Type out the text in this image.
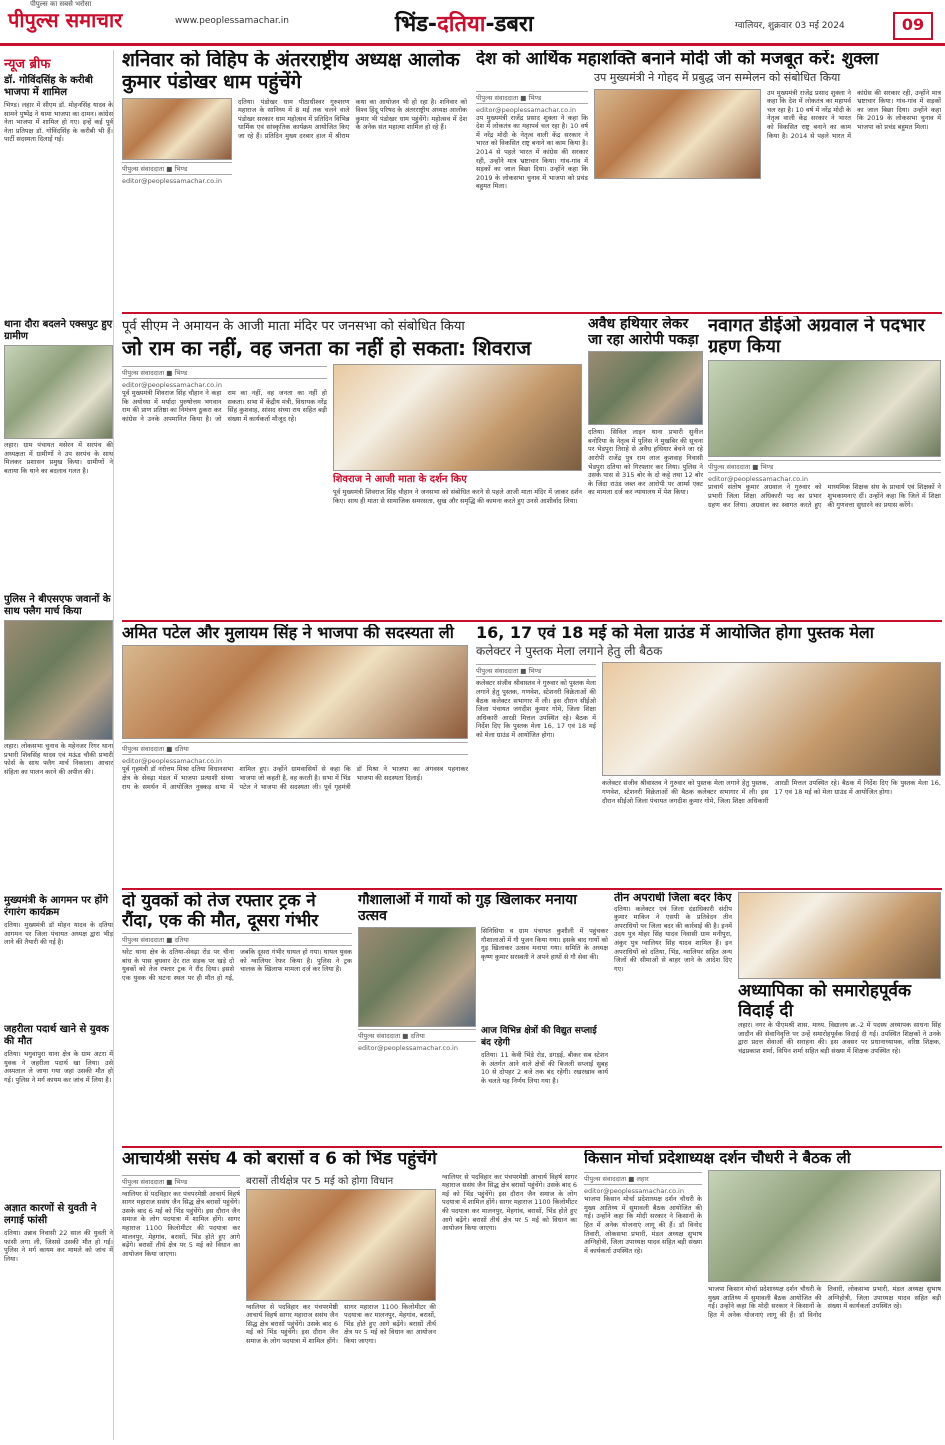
पीपुल्स का सबसे भरोसा
पीपुल्स समाचार	www.peoplessamachar.in	भिंड-दतिया-डबरा	ग्वालियर, शुक्रवार 03 मई 2024	09
न्यूज ब्रीफ
डॉ. गोविंदसिंह के करीबी भाजपा में शामिल
भिण्ड। लहार में सीएम डॉ. मोहनसिंह यादव के सामने पुष्पेंद्र ने थामा भाजपा का दामन। कांग्रेस नेता भाजपा में शामिल हो गए। इन्हें कई पूर्व नेता प्रतिपक्ष डॉ. गोविंदसिंह के करीबी भी हैं। पार्टी सदस्यता दिलाई गई।
थाना दौरा बदलने एक्सपुट हुए ग्रामीण
लहार। ग्राम पंचायत मसेरन में सरपंच की अध्यक्षता में ग्रामीणों ने उप सरपंच के साथ मिलकर प्रशासन प्रमुख किया। ग्रामीणों ने बताया कि थाने का बदलाव गलत है।
पुलिस ने बीएसएफ जवानों के साथ फ्लैग मार्च किया
लहार। लोकसभा चुनाव के महेनजर रिगर थाना प्रभारी शिवसिंह यादव एवं मऊंड चौकी प्रभारी फोर्स के साथ फ्लैग मार्च निकाला। आचार संहिता का पालन करने की अपील की।
मुख्यमंत्री के आगमन पर होंगे रंगारंग कार्यक्रम
दतिया। मुख्यमंत्री डॉ मोहन यादव के दतिया आगमन पर जिला पंचायत अध्यक्ष द्वारा भीड़ लाने की तैयारी की गई है।
जहरीला पदार्थ खाने से युवक की मौत
दतिया। भगुवापुरा थाना क्षेत्र के ग्राम अटरा में युवक ने जहरीला पदार्थ खा लिया। उसे अस्पताल ले जाया गया जहां उसकी मौत हो गई। पुलिस ने मर्ग कायम कर जांच में लिया है।
अज्ञात कारणों से युवती ने लगाई फांसी
दतिया। उन्नाव निवासी 22 साल की युवती ने फांसी लगा ली, जिससे उसकी मौत हो गई। पुलिस ने मर्ग कायम कर मामले को जांच में लिया।
शनिवार को विहिप के अंतरराष्ट्रीय अध्यक्ष आलोक कुमार पंडोखर धाम पहुंचेंगे
पीपुल्स संवाददाता ■ भिण्ड
editor@peoplessamachar.co.in
दतिया। पंडोखर धाम पीठाधीश्वर गुरुशरण महाराज के सानिध्य में 8 मई तक चलने वाले पंडोखर सरकार धाम महोत्सव में प्रतिदिन विभिन्न धार्मिक एवं सांस्कृतिक कार्यक्रम आयोजित किए जा रहे हैं। प्रतिदिन मुख्य दरबार हाल में श्रीराम कथा का आयोजन भी हो रहा है। शनिवार को विश्व हिंदू परिषद के अंतरराष्ट्रीय अध्यक्ष आलोक कुमार भी पंडोखर धाम पहुंचेंगे। महोत्सव में देश के अनेक संत महात्मा शामिल हो रहे हैं।
देश को आर्थिक महाशक्ति बनाने मोदी जी को मजबूत करें: शुक्ला
उप मुख्यमंत्री ने गोहद में प्रबुद्ध जन सम्मेलन को संबोधित किया
पीपुल्स संवाददाता ■ भिण्ड
editor@peoplessamachar.co.in
उप मुख्यमंत्री राजेंद्र प्रसाद शुक्ला ने कहा कि देश में लोकतंत्र का महापर्व चल रहा है। 10 वर्ष में नरेंद्र मोदी के नेतृत्व वाली केंद्र सरकार ने भारत को विकसित राष्ट्र बनाने का काम किया है। 2014 से पहले भारत में कांग्रेस की सरकार रही, उन्होंने मात्र भ्रष्टाचार किया। गांव-गांव में सड़कों का जाल बिछा दिया। उन्होंने कहा कि 2019 के लोकसभा चुनाव में भाजपा को प्रचंड बहुमत मिला।
उप मुख्यमंत्री राजेंद्र प्रसाद शुक्ला ने कहा कि देश में लोकतंत्र का महापर्व चल रहा है। 10 वर्ष में नरेंद्र मोदी के नेतृत्व वाली केंद्र सरकार ने भारत को विकसित राष्ट्र बनाने का काम किया है। 2014 से पहले भारत में कांग्रेस की सरकार रही, उन्होंने मात्र भ्रष्टाचार किया। गांव-गांव में सड़कों का जाल बिछा दिया। उन्होंने कहा कि 2019 के लोकसभा चुनाव में भाजपा को प्रचंड बहुमत मिला।
पूर्व सीएम ने अमायन के आजी माता मंदिर पर जनसभा को संबोधित किया
जो राम का नहीं, वह जनता का नहीं हो सकता: शिवराज
पीपुल्स संवाददाता ■ भिण्ड
editor@peoplessamachar.co.in
पूर्व मुख्यमंत्री शिवराज सिंह चौहान ने कहा कि अयोध्या में मर्यादा पुरुषोत्तम भगवान राम की प्राण प्रतिष्ठा का निमंत्रण ठुकरा कर कांग्रेस ने उनके अपमानित किया है। जो राम का नहीं, वह जनता का नहीं हो सकता। सभा में केंद्रीय मंत्री, विधायक नरेंद्र सिंह कुशवाह, सांसद संध्या राय सहित बड़ी संख्या में कार्यकर्ता मौजूद रहे।
शिवराज ने आजी माता के दर्शन किए
पूर्व मुख्यमंत्री शिवराज सिंह चौहान ने जनसभा को संबोधित करने से पहले आजी माता मंदिर में जाकर दर्शन किए। साथ ही माता से सामाजिक समरसता, सुख और समृद्धि की कामना करते हुए उनसे आशीर्वाद लिया।
अवैध हथियार लेकर जा रहा आरोपी पकड़ा
दतिया। सिविल लाइन थाना प्रभारी सुनील बनोरिया के नेतृत्व में पुलिस ने मुखबिर की सूचना पर भेडपुरा तिराहे से अवैध हथियार बेचने जा रहे आरोपी राजेंद्र पुत्र राम लाल कुशवाह निवासी भेडपुरा दतिया को गिरफ्तार कर लिया। पुलिस ने उसके पास से 315 बोर के दो कट्टे तथा 12 बोर के जिंदा राउंड जब्त कर आरोपी पर आर्म्स एक्ट का मामला दर्ज कर न्यायालय में पेश किया।
नवागत डीईओ अग्रवाल ने पदभार ग्रहण किया
पीपुल्स संवाददाता ■ भिण्ड
editor@peoplessamachar.co.in
प्राचार्य संतोष कुमार अग्रवाल ने गुरुवार को प्रभारी जिला शिक्षा अधिकारी पद का प्रभार ग्रहण कर लिया। अग्रवाल का स्वागत करते हुए माध्यमिक शिक्षक संघ के प्राचार्य एवं शिक्षकों ने शुभकामनाएं दीं। उन्होंने कहा कि जिले में शिक्षा की गुणवत्ता सुधारने का प्रयास करेंगे।
अमित पटेल और मुलायम सिंह ने भाजपा की सदस्यता ली
पीपुल्स संवाददाता ■ दतिया
editor@peoplessamachar.co.in
पूर्व गृहमंत्री डॉ नरोत्तम मिश्रा दतिया विधानसभा क्षेत्र के सेवढ़ा मंडल में भाजपा प्रत्याशी संध्या राय के समर्थन में आयोजित नुक्कड़ सभा में शामिल हुए। उन्होंने ग्रामवासियों से कहा कि भाजपा जो कहती है, वह करती है। सभा में भिंड पटेल ने भाजपा की सदस्यता ली। पूर्व गृहमंत्री डॉ मिश्रा ने भाजपा का अंगवस्त्र पहनाकर भाजपा की सदस्यता दिलाई।
16, 17 एवं 18 मई को मेला ग्राउंड में आयोजित होगा पुस्तक मेला
कलेक्टर ने पुस्तक मेला लगाने हेतु ली बैठक
पीपुल्स संवाददाता ■ भिण्ड
कलेक्टर संजीव श्रीवास्तव ने गुरुवार को पुस्तक मेला लगाने हेतु पुस्तक, गणवेश, स्टेशनरी विक्रेताओं की बैठक कलेक्टर सभागार में ली। इस दौरान सीईओ जिला पंचायत जगदीश कुमार गोमे, जिला शिक्षा अधिकारी आरडी मित्तल उपस्थित रहे। बैठक में निर्देश दिए कि पुस्तक मेला 16, 17 एवं 18 मई को मेला ग्राउंड में आयोजित होगा।
कलेक्टर संजीव श्रीवास्तव ने गुरुवार को पुस्तक मेला लगाने हेतु पुस्तक, गणवेश, स्टेशनरी विक्रेताओं की बैठक कलेक्टर सभागार में ली। इस दौरान सीईओ जिला पंचायत जगदीश कुमार गोमे, जिला शिक्षा अधिकारी आरडी मित्तल उपस्थित रहे। बैठक में निर्देश दिए कि पुस्तक मेला 16, 17 एवं 18 मई को मेला ग्राउंड में आयोजित होगा।
दो युवकों को तेज रफ्तार ट्रक ने रौंदा, एक की मौत, दूसरा गंभीर
पीपुल्स संवाददाता ■ दतिया
थरेट थाना क्षेत्र के दतिया-सेवढ़ा रोड पर चीना बांध के पास बुधवार देर रात सड़क पर खड़े दो युवकों को तेज रफ्तार ट्रक ने रौंद दिया। इससे एक युवक की घटना स्थल पर ही मौत हो गई, जबकि दूसरा गंभीर घायल हो गया। घायल युवक को ग्वालियर रेफर किया है। पुलिस ने ट्रक चालक के खिलाफ मामला दर्ज कर लिया है।
गौशालाओं में गायों को गुड़ खिलाकर मनाया उत्सव
पीपुल्स संवाददाता ■ दतिया
editor@peoplessamachar.co.in
सिनिसिया व ग्राम पंचायत कुशौली में पहुंचकर गौशालाओं में गौ पूजन किया गया। इसके बाद गायों को गुड़ खिलाकर उत्सव मनाया गया। समिति के अध्यक्ष कृष्ण कुमार सरस्वती ने अपने हाथों से गौ सेवा की।
आज विभिन्न क्षेत्रों की विद्युत सप्लाई बंद रहेगी
दतिया। 11 केवी भिंडे रोड, डगड़ई, बीकर सब स्टेशन के अंतर्गत आने वाले क्षेत्रों की बिजली सप्लाई सुबह 10 से दोपहर 2 बजे तक बंद रहेगी। रखरखाव कार्य के चलते यह निर्णय लिया गया है।
तीन अपराधी जिला बदर किए
दतिया। कलेक्टर एवं जिला दंडाधिकारी संदीप कुमार माकिन ने एसपी के प्रतिवेदन तीन अपराधियों पर जिला बदर की कार्रवाई की है। इनमें उदय पुत्र मोहर सिंह यादव निवासी ग्राम मनीपुरा, अंकुर पुत्र ग्वालियर सिंह यादव शामिल हैं। इन अपराधियों को दतिया, भिंड, ग्वालियर सहित अन्य जिलों की सीमाओं से बाहर जाने के आदेश दिए गए।
अध्यापिका को समारोहपूर्वक विदाई दी
लहार। नगर के पीएमश्री शास. माध्य. विद्यालय क्र.-2 में पदस्थ अध्यापक साधना सिंह जादौन की सेवानिवृत्ति पर उन्हें समारोहपूर्वक विदाई दी गई। उपस्थित शिक्षकों ने उनके द्वारा प्रदत्त सेवाओं की सराहना की। इस अवसर पर प्रधानाध्यापक, वरिष्ठ शिक्षक, चंद्रप्रकाश शर्मा, विपिन शर्मा सहित बड़ी संख्या में शिक्षक उपस्थित रहे।
आचार्यश्री ससंघ 4 को बरासों व 6 को भिंड पहुंचेंगे
पीपुल्स संवाददाता ■ भिण्ड
ग्वालियर से पदविहार कर पंचपरमेष्ठी आचार्य विहर्ष सागर महाराज ससंघ जैन सिद्ध क्षेत्र बरासों पहुंचेंगे। उसके बाद 6 मई को भिंड पहुंचेंगे। इस दौरान जैन समाज के लोग पदयात्रा में शामिल होंगे। सागर महाराज 1100 किलोमीटर की पदयात्रा कर मालनपुर, मेहगांव, बरासों, भिंड होते हुए आगे बढ़ेंगे। बरासों तीर्थ क्षेत्र पर 5 मई को विधान का आयोजन किया जाएगा।
बरासों तीर्थक्षेत्र पर 5 मई को होगा विधान
ग्वालियर से पदविहार कर पंचपरमेष्ठी आचार्य विहर्ष सागर महाराज ससंघ जैन सिद्ध क्षेत्र बरासों पहुंचेंगे। उसके बाद 6 मई को भिंड पहुंचेंगे। इस दौरान जैन समाज के लोग पदयात्रा में शामिल होंगे। सागर महाराज 1100 किलोमीटर की पदयात्रा कर मालनपुर, मेहगांव, बरासों, भिंड होते हुए आगे बढ़ेंगे। बरासों तीर्थ क्षेत्र पर 5 मई को विधान का आयोजन किया जाएगा।
ग्वालियर से पदविहार कर पंचपरमेष्ठी आचार्य विहर्ष सागर महाराज ससंघ जैन सिद्ध क्षेत्र बरासों पहुंचेंगे। उसके बाद 6 मई को भिंड पहुंचेंगे। इस दौरान जैन समाज के लोग पदयात्रा में शामिल होंगे। सागर महाराज 1100 किलोमीटर की पदयात्रा कर मालनपुर, मेहगांव, बरासों, भिंड होते हुए आगे बढ़ेंगे। बरासों तीर्थ क्षेत्र पर 5 मई को विधान का आयोजन किया जाएगा।
किसान मोर्चा प्रदेशाध्यक्ष दर्शन चौधरी ने बैठक ली
पीपुल्स संवाददाता ■ लहार
editor@peoplessamachar.co.in
भाजपा किसान मोर्चा प्रदेशाध्यक्ष दर्शन चौधरी के मुख्य आतिथ्य में सुमावली बैठक आयोजित की गई। उन्होंने कहा कि मोदी सरकार ने किसानों के हित में अनेक योजनाएं लागू की हैं। डॉ विनोद तिवारी, लोकसभा प्रभारी, मंडल अध्यक्ष सुभाष अग्निहोत्री, जिला उपाध्यक्ष यादव सहित बड़ी संख्या में कार्यकर्ता उपस्थित रहे।
भाजपा किसान मोर्चा प्रदेशाध्यक्ष दर्शन चौधरी के मुख्य आतिथ्य में सुमावली बैठक आयोजित की गई। उन्होंने कहा कि मोदी सरकार ने किसानों के हित में अनेक योजनाएं लागू की हैं। डॉ विनोद तिवारी, लोकसभा प्रभारी, मंडल अध्यक्ष सुभाष अग्निहोत्री, जिला उपाध्यक्ष यादव सहित बड़ी संख्या में कार्यकर्ता उपस्थित रहे।
